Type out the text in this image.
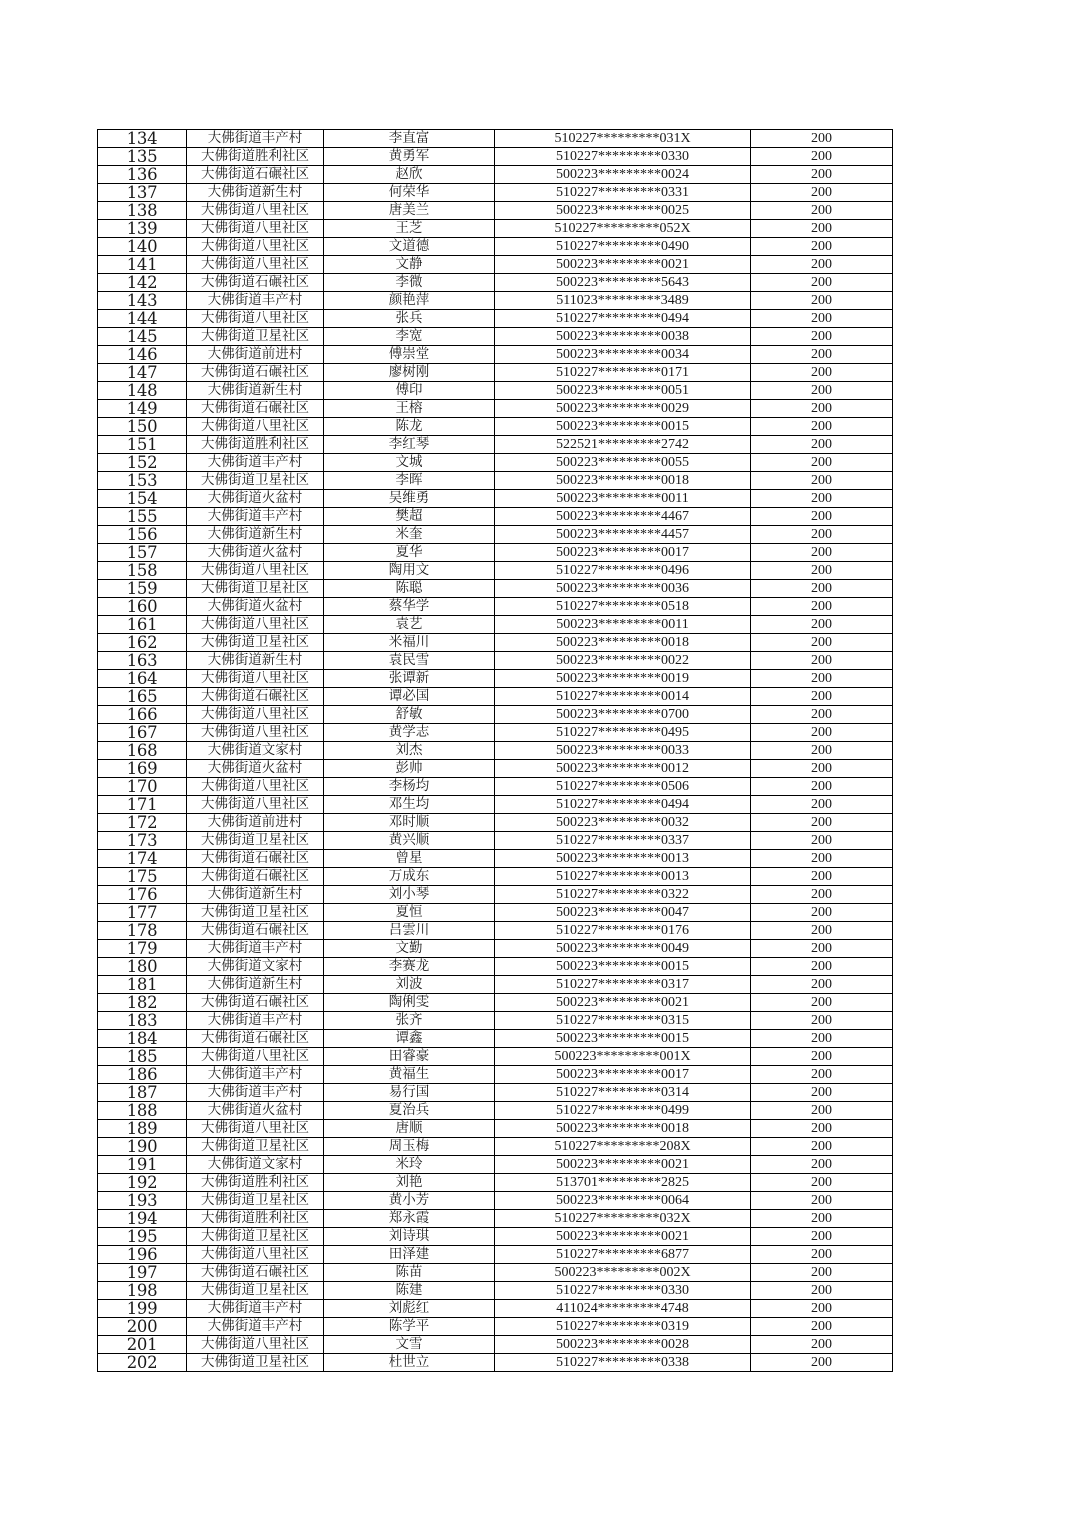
134	大佛街道丰产村	李直富	510227*********031X	200
135	大佛街道胜利社区	黄勇军	510227*********0330	200
136	大佛街道石碾社区	赵欣	500223*********0024	200
137	大佛街道新生村	何荣华	510227*********0331	200
138	大佛街道八里社区	唐美兰	500223*********0025	200
139	大佛街道八里社区	王芝	510227*********052X	200
140	大佛街道八里社区	文道德	510227*********0490	200
141	大佛街道八里社区	文静	500223*********0021	200
142	大佛街道石碾社区	李微	500223*********5643	200
143	大佛街道丰产村	颜艳萍	511023*********3489	200
144	大佛街道八里社区	张兵	510227*********0494	200
145	大佛街道卫星社区	李宽	500223*********0038	200
146	大佛街道前进村	傅崇堂	500223*********0034	200
147	大佛街道石碾社区	廖树刚	510227*********0171	200
148	大佛街道新生村	傅印	500223*********0051	200
149	大佛街道石碾社区	王榕	500223*********0029	200
150	大佛街道八里社区	陈龙	500223*********0015	200
151	大佛街道胜利社区	李红琴	522521*********2742	200
152	大佛街道丰产村	文城	500223*********0055	200
153	大佛街道卫星社区	李晖	500223*********0018	200
154	大佛街道火盆村	吴维勇	500223*********0011	200
155	大佛街道丰产村	樊超	500223*********4467	200
156	大佛街道新生村	米奎	500223*********4457	200
157	大佛街道火盆村	夏华	500223*********0017	200
158	大佛街道八里社区	陶用文	510227*********0496	200
159	大佛街道卫星社区	陈聪	500223*********0036	200
160	大佛街道火盆村	蔡华学	510227*********0518	200
161	大佛街道八里社区	袁艺	500223*********0011	200
162	大佛街道卫星社区	米福川	500223*********0018	200
163	大佛街道新生村	袁民雪	500223*********0022	200
164	大佛街道八里社区	张谭新	500223*********0019	200
165	大佛街道石碾社区	谭必国	510227*********0014	200
166	大佛街道八里社区	舒敏	500223*********0700	200
167	大佛街道八里社区	黄学志	510227*********0495	200
168	大佛街道文家村	刘杰	500223*********0033	200
169	大佛街道火盆村	彭帅	500223*********0012	200
170	大佛街道八里社区	李杨均	510227*********0506	200
171	大佛街道八里社区	邓生均	510227*********0494	200
172	大佛街道前进村	邓时顺	500223*********0032	200
173	大佛街道卫星社区	黄兴顺	510227*********0337	200
174	大佛街道石碾社区	曾星	500223*********0013	200
175	大佛街道石碾社区	万成东	510227*********0013	200
176	大佛街道新生村	刘小琴	510227*********0322	200
177	大佛街道卫星社区	夏恒	500223*********0047	200
178	大佛街道石碾社区	吕雲川	510227*********0176	200
179	大佛街道丰产村	文勤	500223*********0049	200
180	大佛街道文家村	李赛龙	500223*********0015	200
181	大佛街道新生村	刘波	510227*********0317	200
182	大佛街道石碾社区	陶俐雯	500223*********0021	200
183	大佛街道丰产村	张齐	510227*********0315	200
184	大佛街道石碾社区	谭鑫	500223*********0015	200
185	大佛街道八里社区	田睿豪	500223*********001X	200
186	大佛街道丰产村	黄福生	500223*********0017	200
187	大佛街道丰产村	易行国	510227*********0314	200
188	大佛街道火盆村	夏治兵	510227*********0499	200
189	大佛街道八里社区	唐顺	500223*********0018	200
190	大佛街道卫星社区	周玉梅	510227*********208X	200
191	大佛街道文家村	米玲	500223*********0021	200
192	大佛街道胜利社区	刘艳	513701*********2825	200
193	大佛街道卫星社区	黄小芳	500223*********0064	200
194	大佛街道胜利社区	郑永霞	510227*********032X	200
195	大佛街道卫星社区	刘诗琪	500223*********0021	200
196	大佛街道八里社区	田泽建	510227*********6877	200
197	大佛街道石碾社区	陈苗	500223*********002X	200
198	大佛街道卫星社区	陈建	510227*********0330	200
199	大佛街道丰产村	刘彪红	411024*********4748	200
200	大佛街道丰产村	陈学平	510227*********0319	200
201	大佛街道八里社区	文雪	500223*********0028	200
202	大佛街道卫星社区	杜世立	510227*********0338	200
